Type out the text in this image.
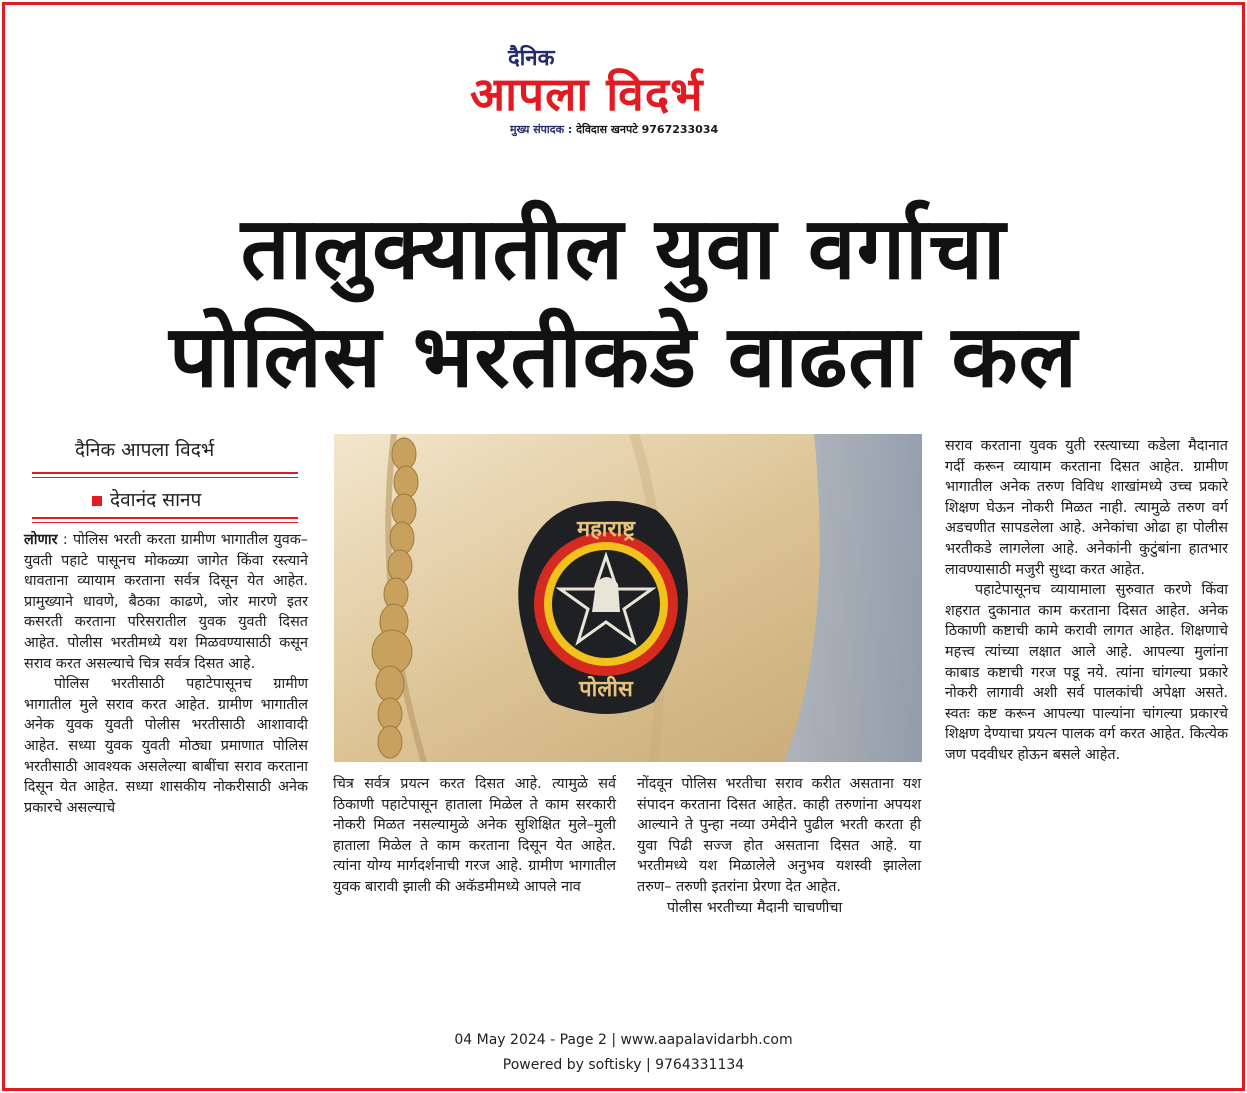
दैनिक
आपला विदर्भ
मुख्य संपादक : देविदास खनपटे 9767233034
तालुक्यातील युवा वर्गाचा
पोलिस भरतीकडे वाढता कल
दैनिक आपला विदर्भ
देवानंद सानप

लोणार : पोलिस भरती करता ग्रामीण भागातील युवक– युवती पहाटे पासूनच मोकळ्या जागेत किंवा रस्त्याने धावताना व्यायाम करताना सर्वत्र दिसून येत आहेत. प्रामुख्याने धावणे, बैठका काढणे, जोर मारणे इतर कसरती करताना परिसरातील युवक युवती दिसत आहेत. पोलीस भरतीमध्ये यश मिळवण्यासाठी कसून सराव करत असल्याचे चित्र सर्वत्र दिसत आहे.

पोलिस भरतीसाठी पहाटेपासूनच ग्रामीण भागातील मुले सराव करत आहेत. ग्रामीण भागातील अनेक युवक युवती पोलीस भरतीसाठी आशावादी आहेत. सध्या युवक युवती मोठ्या प्रमाणात पोलिस भरतीसाठी आवश्यक असलेल्या बाबींचा सराव करताना दिसून येत आहेत. सध्या शासकीय नोकरीसाठी अनेक प्रकारचे असल्याचे

महाराष्ट्र
पोलीस

चित्र सर्वत्र प्रयत्न करत दिसत आहे. त्यामुळे सर्व ठिकाणी पहाटेपासून हाताला मिळेल ते काम सरकारी नोकरी मिळत नसल्यामुळे अनेक सुशिक्षित मुले–मुली हाताला मिळेल ते काम करताना दिसून येत आहेत. त्यांना योग्य मार्गदर्शनाची गरज आहे. ग्रामीण भागातील युवक बारावी झाली की अकॅडमीमध्ये आपले नाव

नोंदवून पोलिस भरतीचा सराव करीत असताना यश संपादन करताना दिसत आहेत. काही तरुणांना अपयश आल्याने ते पुन्हा नव्या उमेदीने पुढील भरती करता ही युवा पिढी सज्ज होत असताना दिसत आहे. या भरतीमध्ये यश मिळालेले अनुभव यशस्वी झालेला तरुण– तरुणी इतरांना प्रेरणा देत आहेत.

पोलीस भरतीच्या मैदानी चाचणीचा

सराव करताना युवक युती रस्त्याच्या कडेला मैदानात गर्दी करून व्यायाम करताना दिसत आहेत. ग्रामीण भागातील अनेक तरुण विविध शाखांमध्ये उच्च प्रकारे शिक्षण घेऊन नोकरी मिळत नाही. त्यामुळे तरुण वर्ग अडचणीत सापडलेला आहे. अनेकांचा ओढा हा पोलीस भरतीकडे लागलेला आहे. अनेकांनी कुटुंबांना हातभार लावण्यासाठी मजुरी सुध्दा करत आहेत.

पहाटेपासूनच व्यायामाला सुरुवात करणे किंवा शहरात दुकानात काम करताना दिसत आहेत. अनेक ठिकाणी कष्टाची कामे करावी लागत आहेत. शिक्षणाचे महत्त्व त्यांच्या लक्षात आले आहे. आपल्या मुलांना काबाड कष्टाची गरज पडू नये. त्यांना चांगल्या प्रकारे नोकरी लागावी अशी सर्व पालकांची अपेक्षा असते. स्वतः कष्ट करून आपल्या पाल्यांना चांगल्या प्रकारचे शिक्षण देण्याचा प्रयत्न पालक वर्ग करत आहेत. कित्येक जण पदवीधर होऊन बसले आहेत.

04 May 2024 - Page 2 | www.aapalavidarbh.com
Powered by softisky | 9764331134
